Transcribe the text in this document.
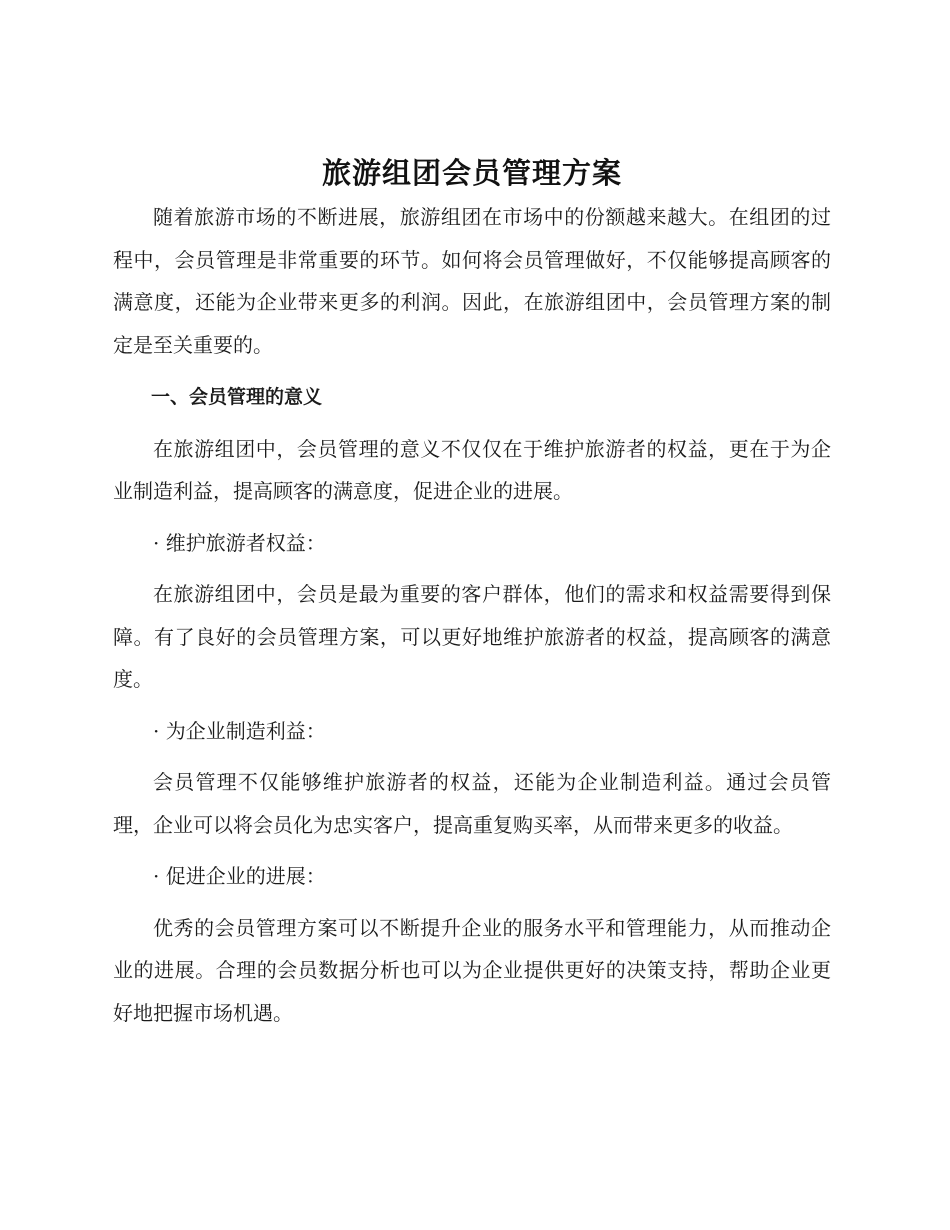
旅游组团会员管理方案

随着旅游市场的不断进展，旅游组团在市场中的份额越来越大。在组团的过程中，会员管理是非常重要的环节。如何将会员管理做好，不仅能够提高顾客的满意度，还能为企业带来更多的利润。因此，在旅游组团中，会员管理方案的制定是至关重要的。

一、会员管理的意义

在旅游组团中，会员管理的意义不仅仅在于维护旅游者的权益，更在于为企业制造利益，提高顾客的满意度，促进企业的进展。

· 维护旅游者权益：

在旅游组团中，会员是最为重要的客户群体，他们的需求和权益需要得到保障。有了良好的会员管理方案，可以更好地维护旅游者的权益，提高顾客的满意度。

· 为企业制造利益：

会员管理不仅能够维护旅游者的权益，还能为企业制造利益。通过会员管理，企业可以将会员化为忠实客户，提高重复购买率，从而带来更多的收益。

· 促进企业的进展：

优秀的会员管理方案可以不断提升企业的服务水平和管理能力，从而推动企业的进展。合理的会员数据分析也可以为企业提供更好的决策支持，帮助企业更好地把握市场机遇。
